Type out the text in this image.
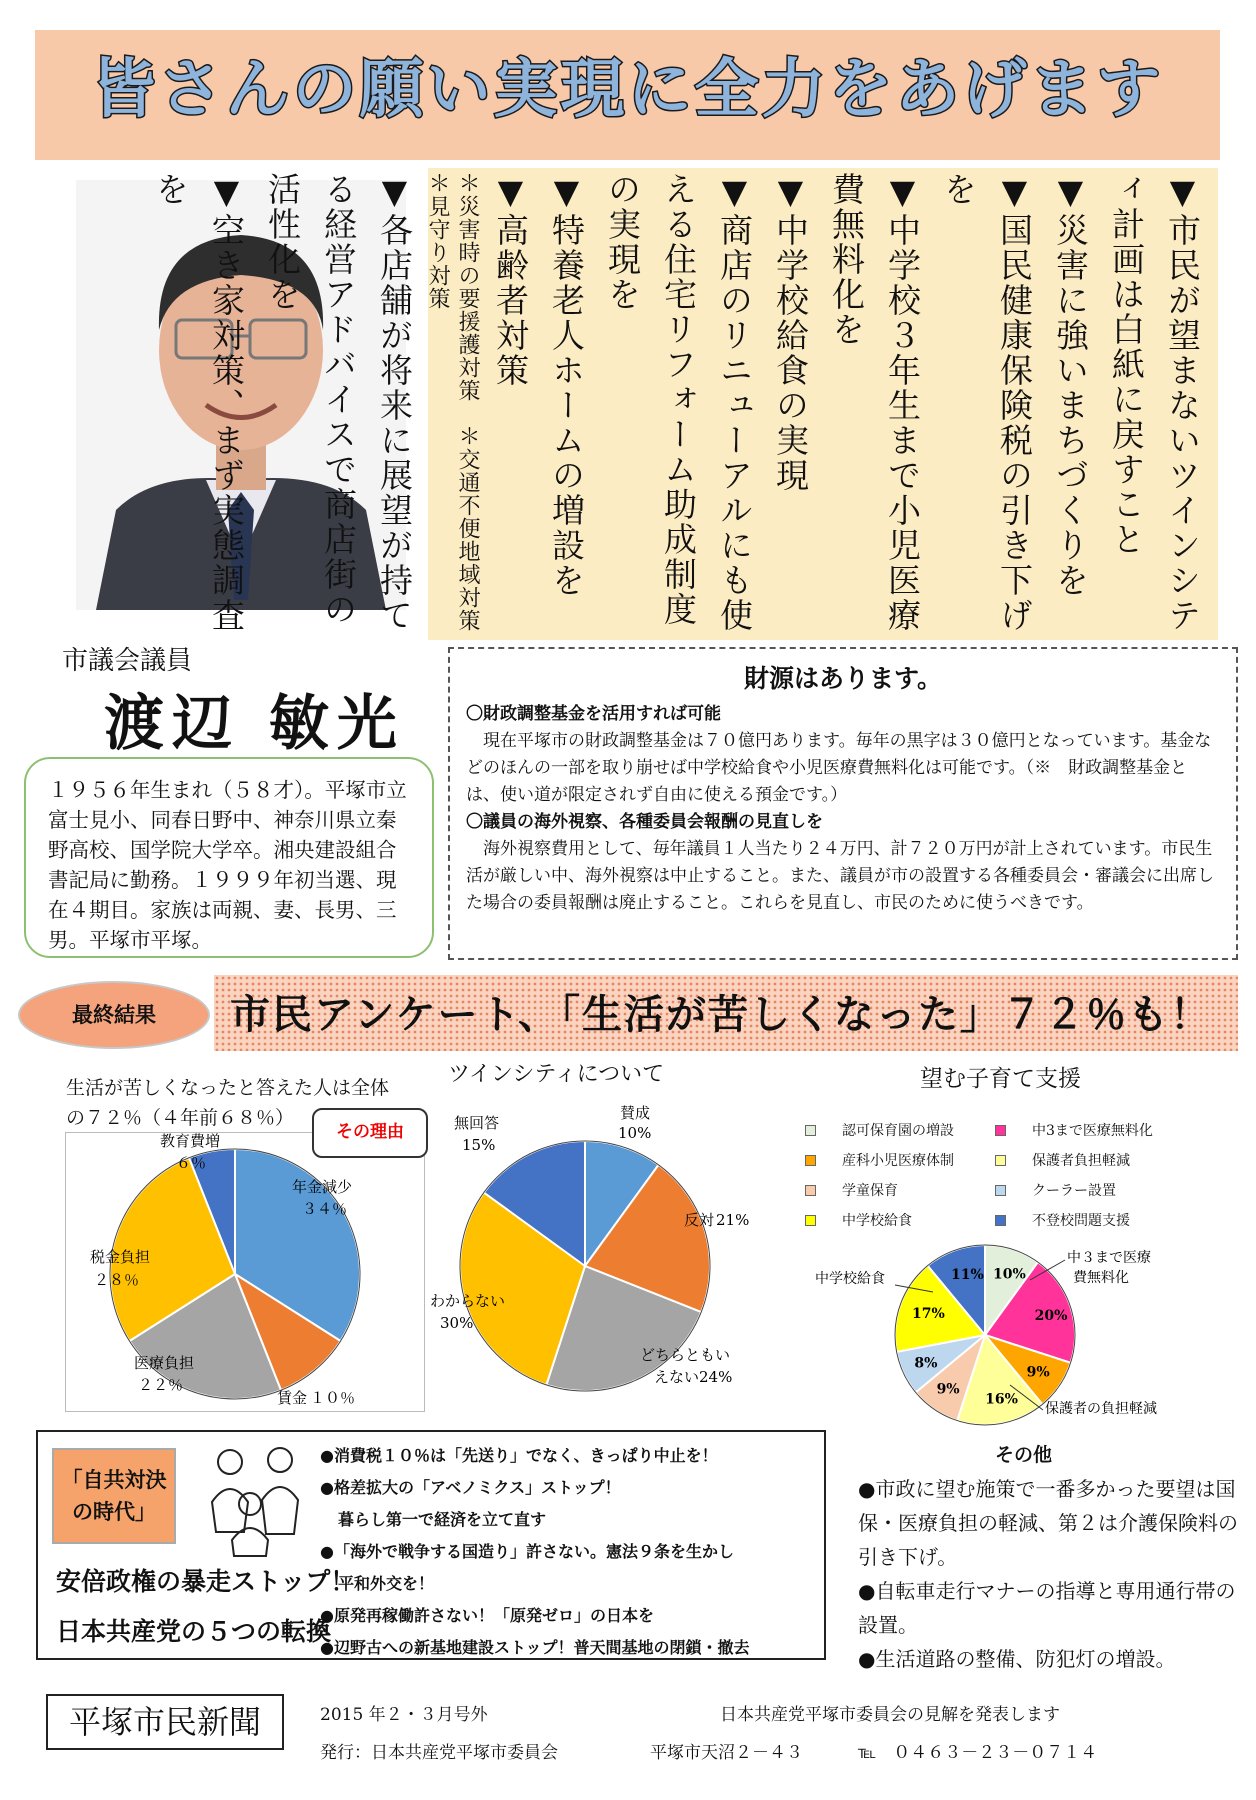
皆さんの願い実現に全力をあげます
▼市民が望まないツインシティ計画は白紙に戻すこと
▼災害に強いまちづくりを
▼国民健康保険税の引き下げを
▼中学校３年生まで小児医療費無料化を
▼中学校給食の実現
▼商店のリニューアルにも使える住宅リフォーム助成制度の実現を
▼特養老人ホームの増設を
▼高齢者対策
＊災害時の要援護対策　＊交通不便地域対策　＊見守り対策
▼各店舗が将来に展望が持てる経営アドバイスで商店街の活性化を
▼空き家対策、まず実態調査を
市議会議員
渡辺 敏光
１９５６年生まれ（５８才）。平塚市立富士見小、同春日野中、神奈川県立秦野高校、国学院大学卒。湘央建設組合書記局に勤務。１９９９年初当選、現在４期目。家族は両親、妻、長男、三男。平塚市平塚。
財源はあります。

〇財政調整基金を活用すれば可能

現在平塚市の財政調整基金は７０億円あります。毎年の黒字は３０億円となっています。基金などのほんの一部を取り崩せば中学校給食や小児医療費無料化は可能です。（※　財政調整基金とは、使い道が限定されず自由に使える預金です。）

〇議員の海外視察、各種委員会報酬の見直しを

海外視察費用として、毎年議員１人当たり２４万円、計７２０万円が計上されています。市民生活が厳しい中、海外視察は中止すること。また、議員が市の設置する各種委員会・審議会に出席した場合の委員報酬は廃止すること。これらを見直し、市民のために使うべきです。

市民アンケート、「生活が苦しくなった」７２％も！
最終結果
生活が苦しくなったと答えた人は全体の７２％（４年前６８％）
ツインシティについて	望む子育て支援
年金減少
３４％
賃金 １０％
医療負担
２２％
税金負担
２８％
教育費増
６％
その理由
賛成
10%
反対 21%
どちらともい
えない24%
わからない
30%
無回答
15%
認可保育園の増設	中3まで医療無料化
産科小児医療体制	保護者負担軽減
学童保育	クーラー設置
中学校給食	不登校問題支援
10%
20%
9%
16%
9%
8%
17%
11%
中学校給食
中３まで医療
費無料化
保護者の負担軽減
「自共対決の時代」
安倍政権の暴走ストップ！
日本共産党の５つの転換
●消費税１０％は「先送り」でなく、きっぱり中止を！
●格差拡大の「アベノミクス」ストップ！
暮らし第一で経済を立て直す
●「海外で戦争する国造り」許さない。憲法９条を生かし
平和外交を！
●原発再稼働許さない！「原発ゼロ」の日本を
●辺野古への新基地建設ストップ！普天間基地の閉鎖・撤去
その他
●市政に望む施策で一番多かった要望は国保・医療負担の軽減、第２は介護保険料の引き下げ。
●自転車走行マナーの指導と専用通行帯の設置。
●生活道路の整備、防犯灯の増設。
平塚市民新聞	2015 年２・３月号外	日本共産党平塚市委員会の見解を発表します
発行：日本共産党平塚市委員会	平塚市天沼２－４３	℡　０４６３－２３－０７１４
